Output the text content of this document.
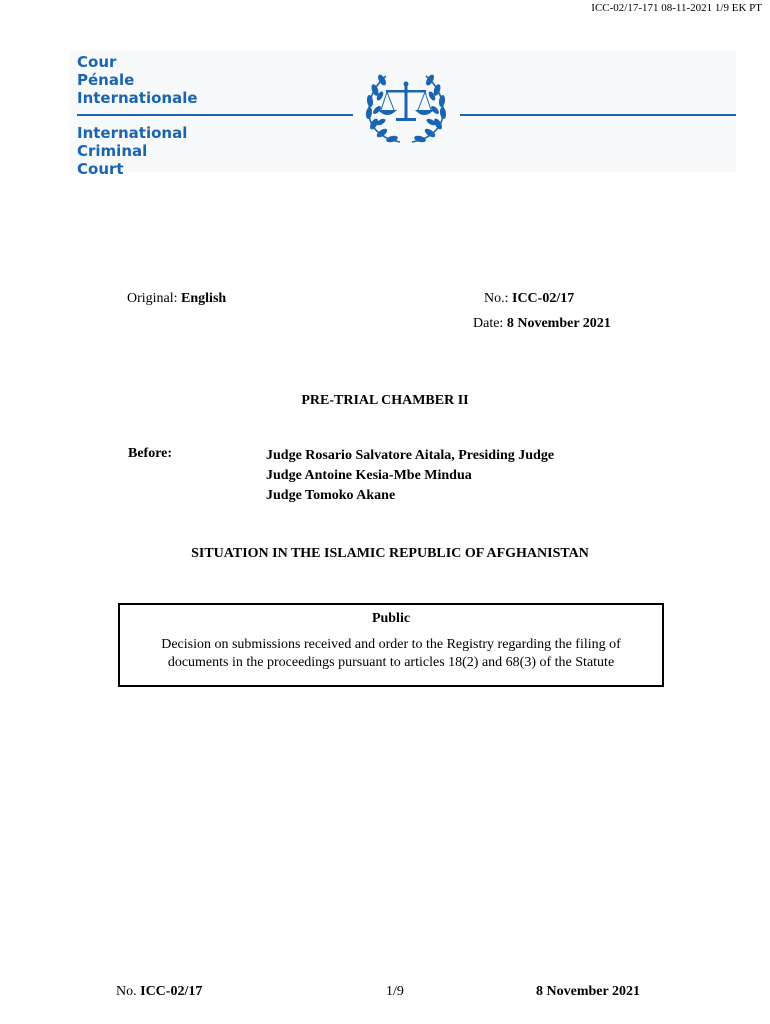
ICC-02/17-171 08-11-2021 1/9 EK PT
Cour
Pénale
Internationale
International
Criminal
Court
Original: English	No.: ICC-02/17
Date: 8 November 2021
PRE-TRIAL CHAMBER II
Before:	Judge Rosario Salvatore Aitala, Presiding Judge
Judge Antoine Kesia-Mbe Mindua
Judge Tomoko Akane
SITUATION IN THE ISLAMIC REPUBLIC OF AFGHANISTAN
Public
Decision on submissions received and order to the Registry regarding the filing of
documents in the proceedings pursuant to articles 18(2) and 68(3) of the Statute
No. ICC-02/17	1/9	8 November 2021
